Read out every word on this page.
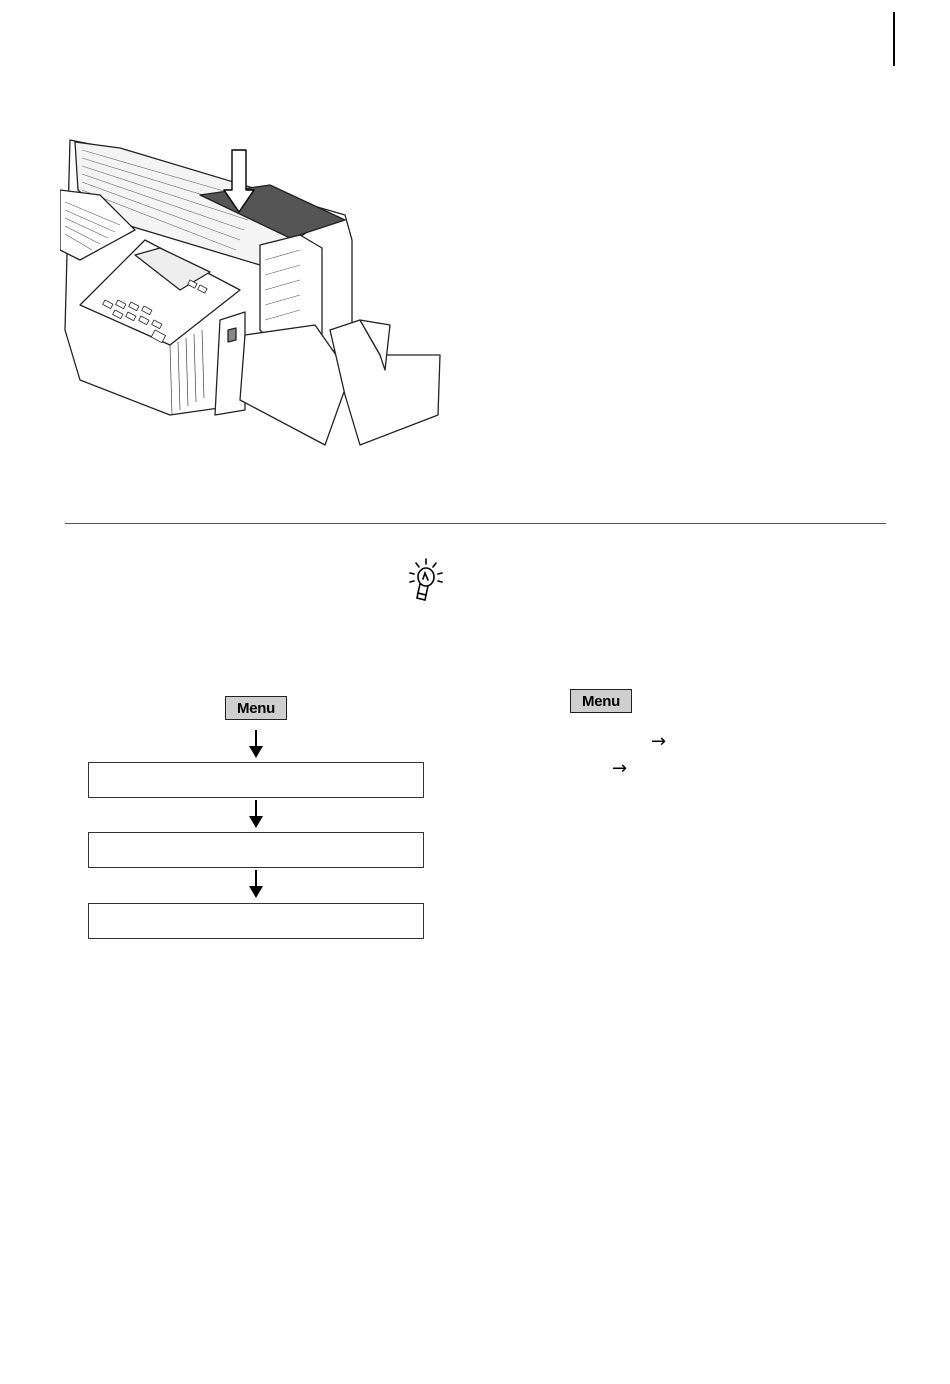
Menu	Menu
→
→
